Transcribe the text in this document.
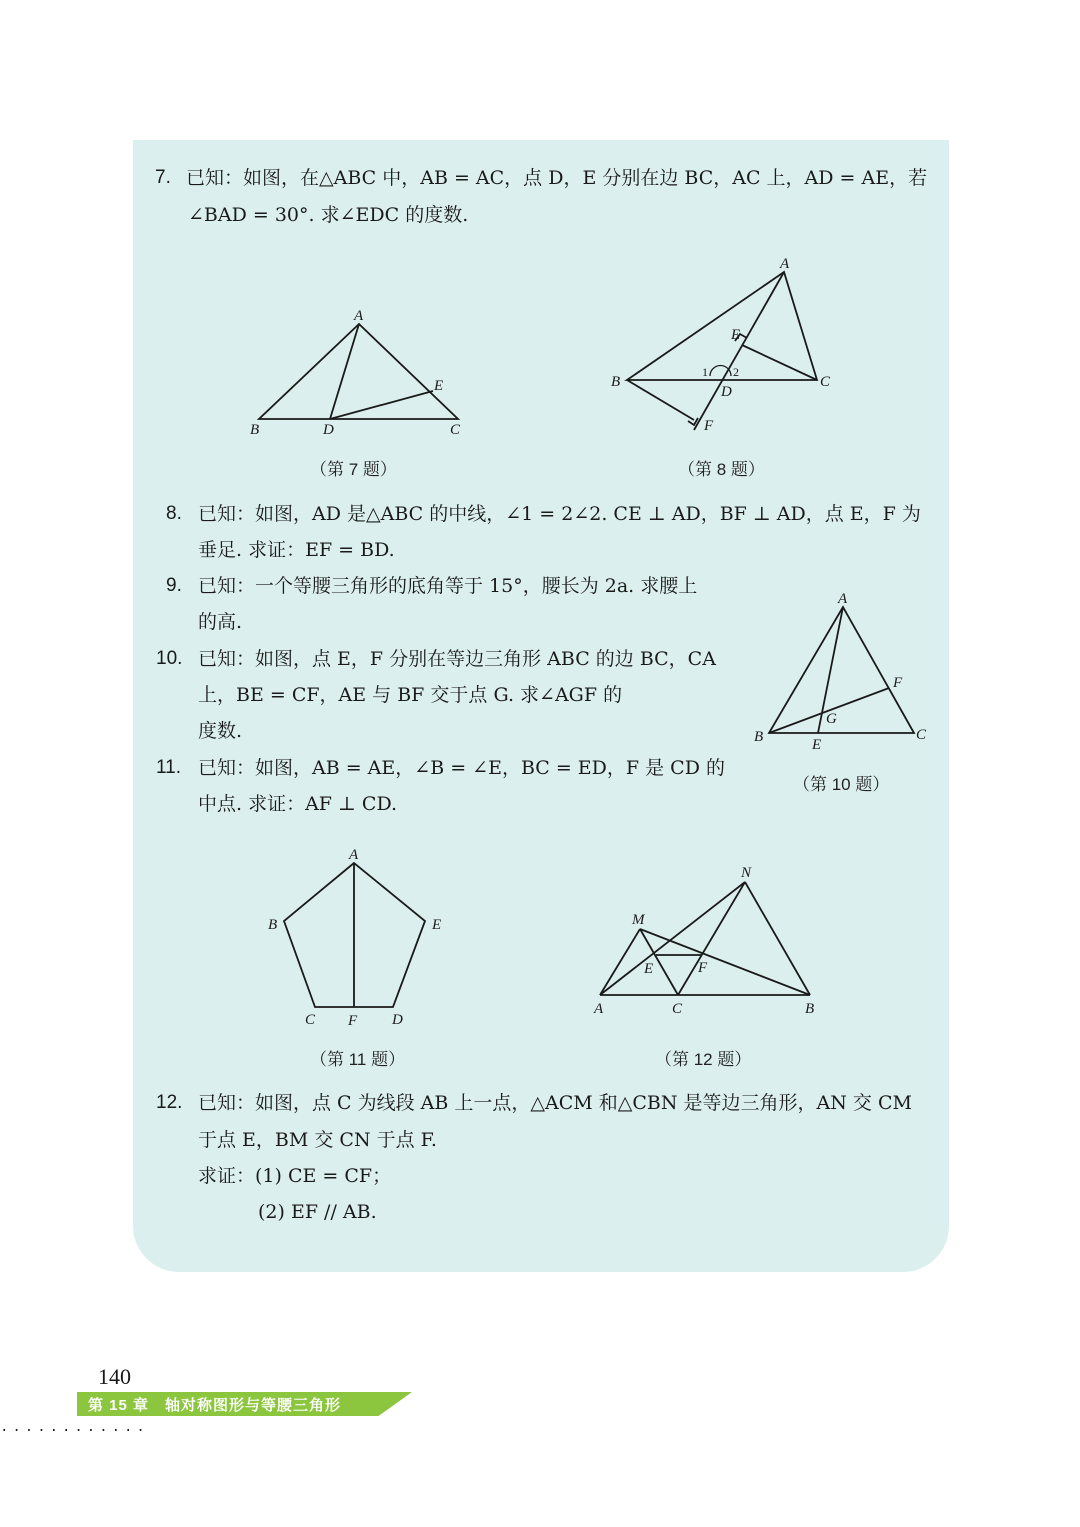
7. 已知：如图，在△ABC 中，AB = AC，点 D，E 分别在边 BC，AC 上，AD = AE，若
∠BAD = 30°. 求∠EDC 的度数.
A
B	C
D
E
（第 7 题）
A
B	C
D
E
F
1 2
（第 8 题）
8. 已知：如图，AD 是△ABC 的中线，∠1 = 2∠2. CE ⊥ AD，BF ⊥ AD，点 E，F 为
垂足. 求证：EF = BD.
9. 已知：一个等腰三角形的底角等于 15°，腰长为 2a. 求腰上
的高.
10. 已知：如图，点 E，F 分别在等边三角形 ABC 的边 BC，CA
上，BE = CF，AE 与 BF 交于点 G. 求∠AGF 的
度数.
A
B	C
E
F
G
（第 10 题）
11. 已知：如图，AB = AE，∠B = ∠E，BC = ED，F 是 CD 的
中点. 求证：AF ⊥ CD.
A
B
C	D
E
F
（第 11 题）
N
M
A	B
C
E	F
（第 12 题）
12. 已知：如图，点 C 为线段 AB 上一点，△ACM 和△CBN 是等边三角形，AN 交 CM
于点 E，BM 交 CN 于点 F.
求证：(1) CE = CF；
(2) EF // AB.
140
第 15 章　轴对称图形与等腰三角形
............
